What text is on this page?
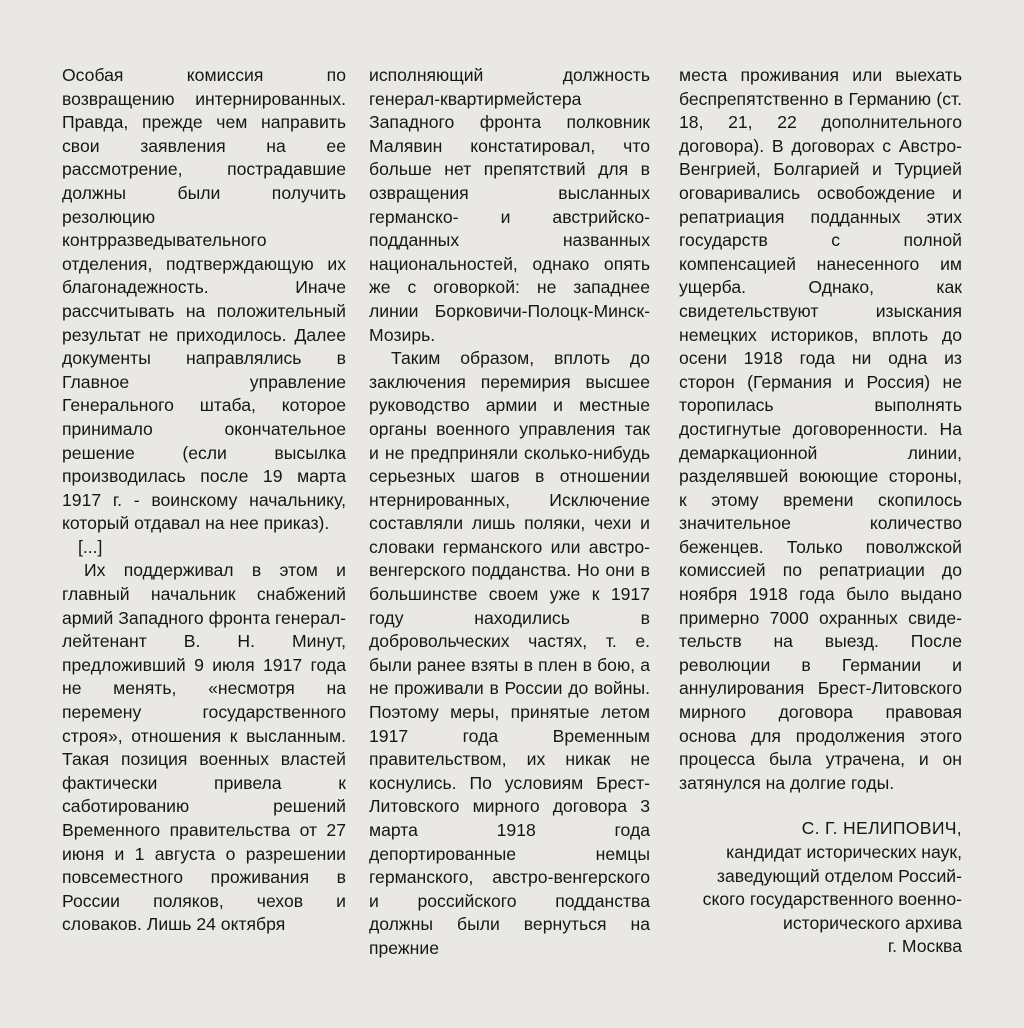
Особая комиссия по возвращению интернированных. Правда, прежде чем направить свои заявления на ее рассмотрение, пострадавшие должны были получить резолюцию контрразведывательного отделения, подтверждающую их благонадежность. Иначе рассчитывать на положительный результат не приходилось. Далее документы направлялись в Главное управление Генерального штаба, которое принимало окончательное решение (если высылка производилась после 19 марта 1917 г. - воинскому начальнику, который отдавал на нее приказ).

[...]

Их поддерживал в этом и главный начальник снабжений армий Западного фронта генерал-лейтенант В. Н. Минут, предложивший 9 июля 1917 года не менять, «несмотря на перемену государственного строя», отношения к высланным. Такая позиция военных властей фактически привела к саботированию решений Временного правительства от 27 июня и 1 августа о разрешении повсеместного проживания в России поляков, чехов и словаков. Лишь 24 октября

исполняющий должность генерал-квартирмейстера Западного фронта полковник Малявин констатировал, что больше нет препятствий для в озвращения высланных германско- и австрийско-подданных названных национальностей, однако опять же с оговоркой: не западнее линии Борковичи-Полоцк-Минск-Мозирь.

Таким образом, вплоть до заключения перемирия высшее руководство армии и местные органы военного управления так и не предприняли сколько-нибудь серьезных шагов в отношении нтернированных, Исключение составляли лишь поляки, чехи и словаки германского или австро-венгерского подданства. Но они в большинстве своем уже к 1917 году находились в добровольческих частях, т. е. были ранее взяты в плен в бою, а не проживали в России до войны. Поэтому меры, принятые летом 1917 года Временным правительством, их никак не коснулись. По условиям Брест-Литовского мирного договора 3 марта 1918 года депортированные немцы германского, австро-венгерского и российского подданства должны были вернуться на прежние

места проживания или выехать беспрепятственно в Германию (ст. 18, 21, 22 дополнительного договора). В договорах с Австро-Венгрией, Болгарией и Турцией оговаривались освобождение и репатриация подданных этих государств с полной компенсацией нанесенного им ущерба. Однако, как свидетельствуют изыскания немецких историков, вплоть до осени 1918 года ни одна из сторон (Германия и Россия) не торопилась выполнять достигнутые договоренности. На демаркационной линии, разделявшей воюющие стороны, к этому времени скопилось значительное количество беженцев. Только поволжской комиссией по репатриации до ноября 1918 года было выдано примерно 7000 охранных свиде- тельств на выезд. После революции в Германии и аннулирования Брест-Литовского мирного договора правовая основа для продолжения этого процесса была утрачена, и он затянулся на долгие годы.

С. Г. НЕЛИПОВИЧ,
кандидат исторических наук,
заведующий отделом Россий-
ского государственного военно-
исторического архива
г. Москва
